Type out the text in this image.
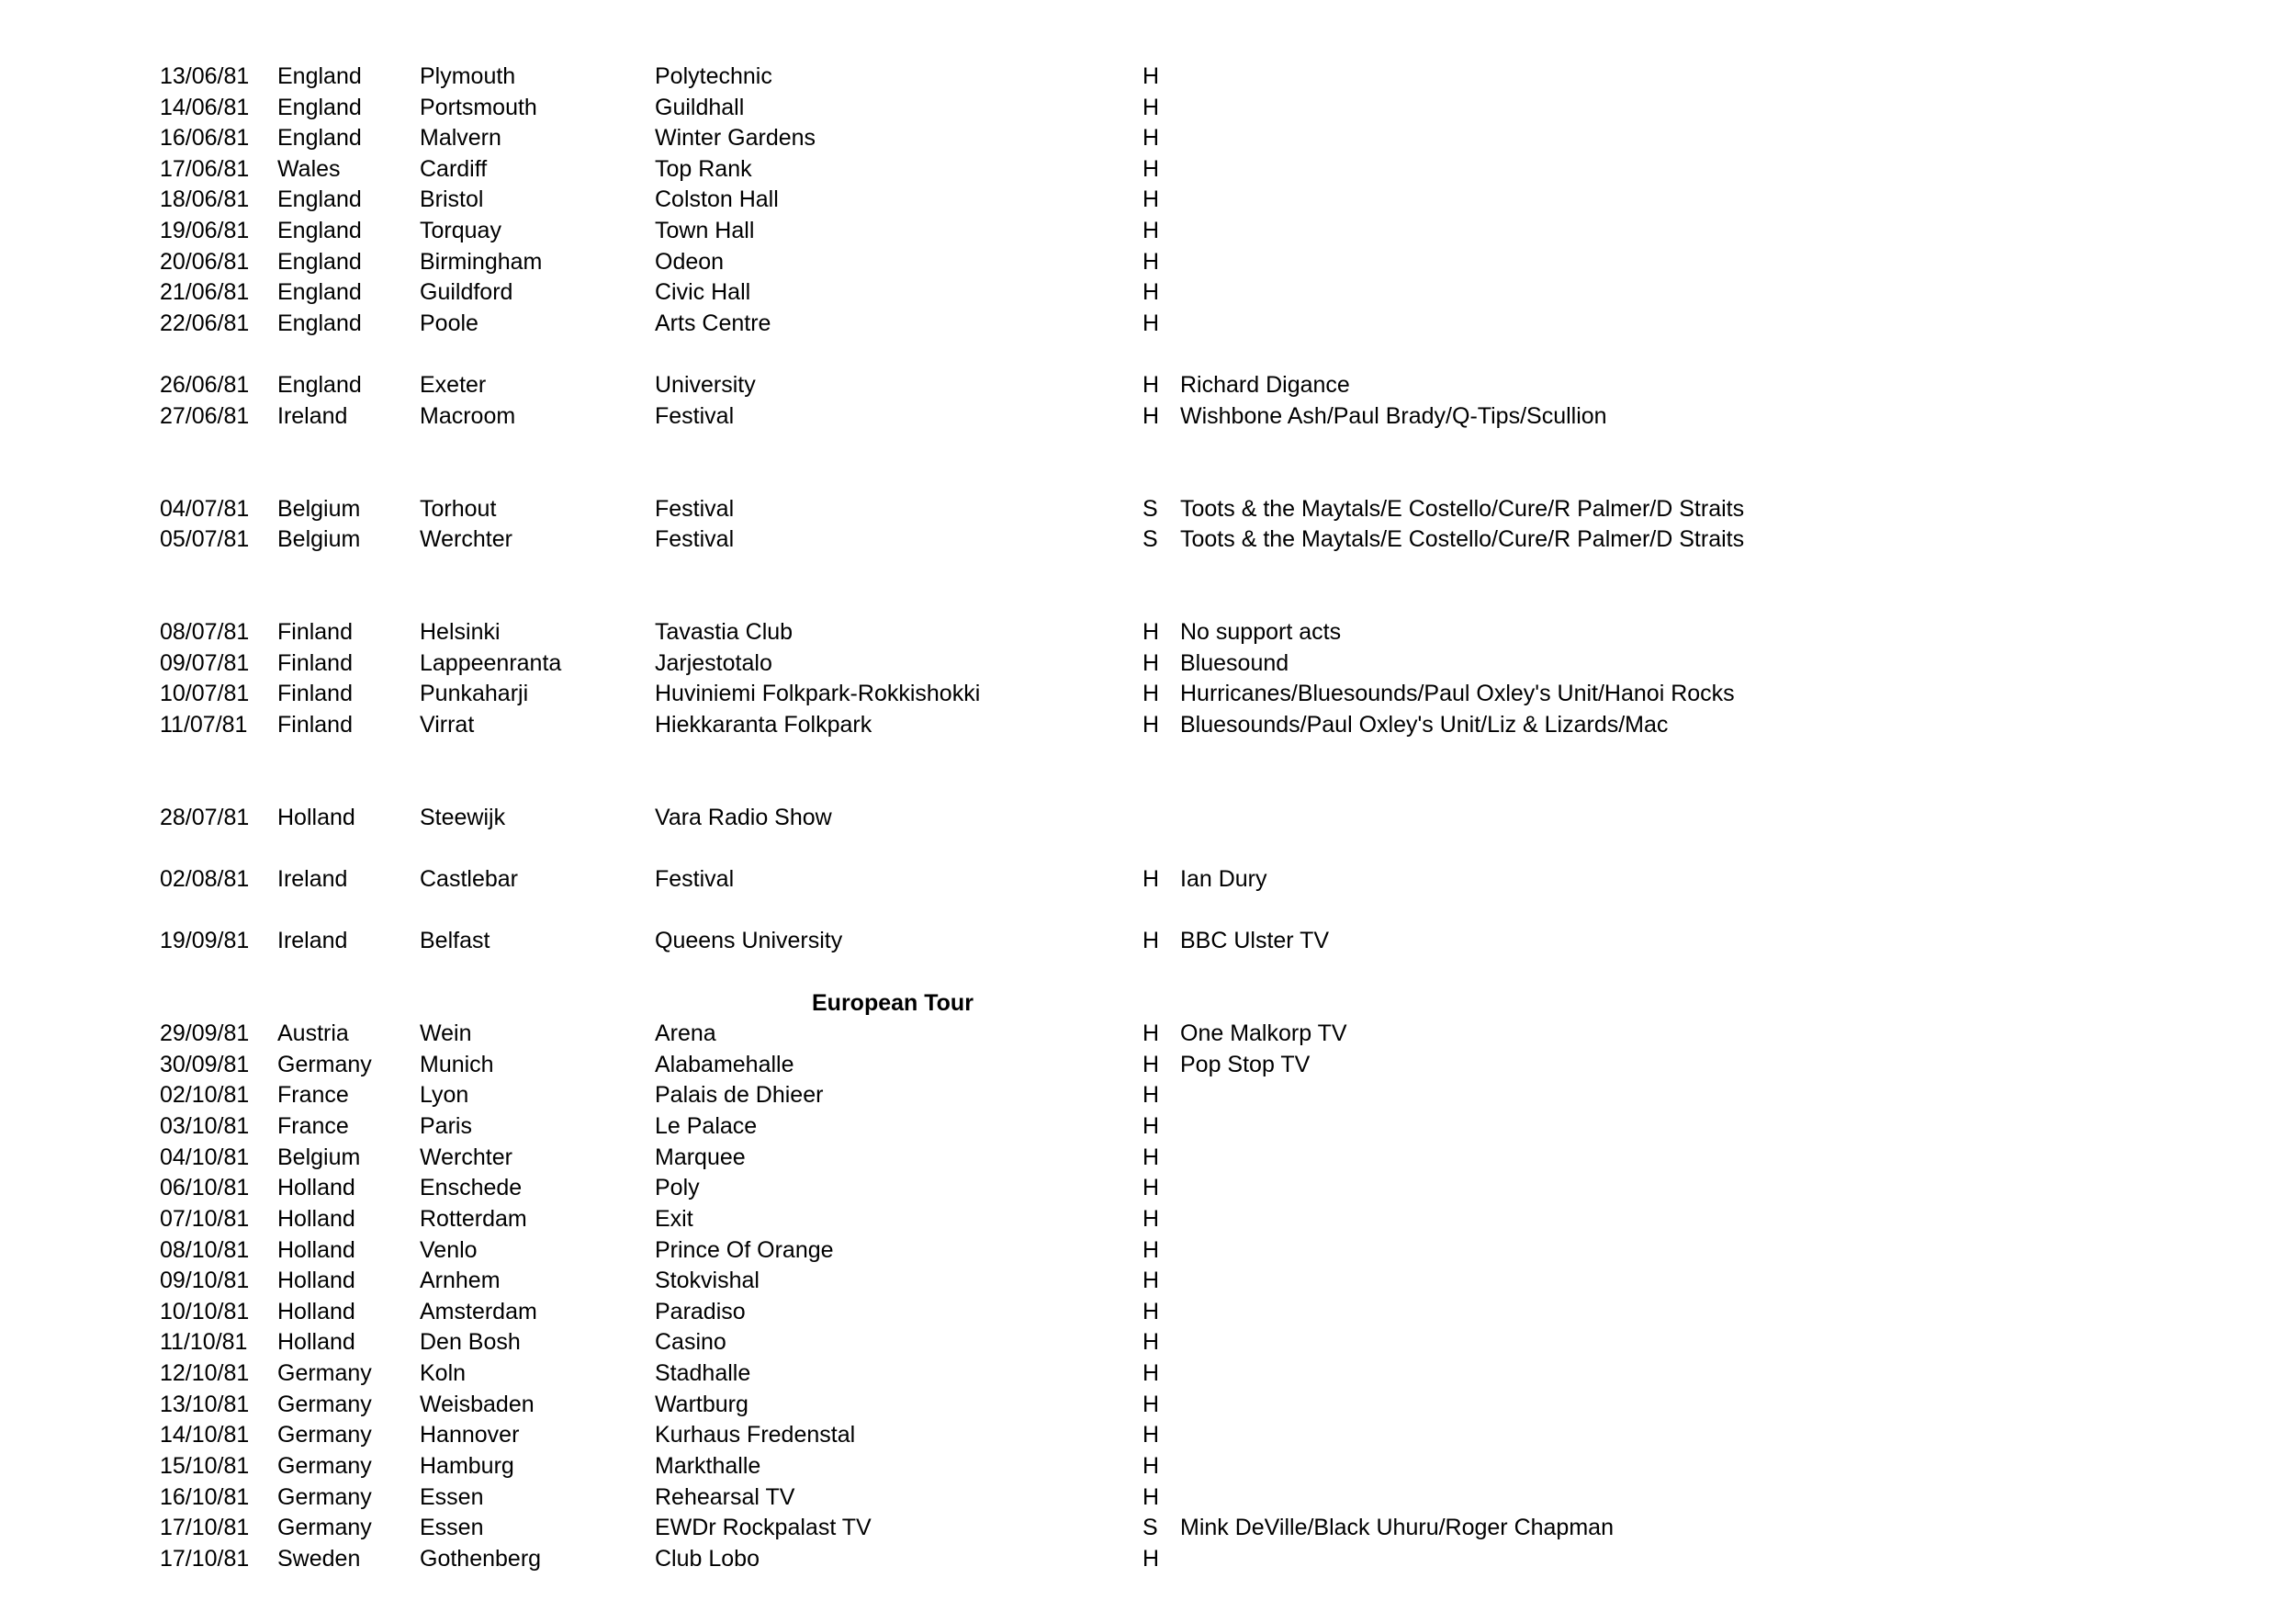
13/06/81 England	Plymouth	Polytechnic	H
14/06/81 England	Portsmouth	Guildhall	H
16/06/81 England	Malvern	Winter Gardens	H
17/06/81 Wales	Cardiff	Top Rank	H
18/06/81 England	Bristol	Colston Hall	H
19/06/81 England	Torquay	Town Hall	H
20/06/81 England	Birmingham	Odeon	H
21/06/81 England	Guildford	Civic Hall	H
22/06/81 England	Poole	Arts Centre	H
26/06/81 England	Exeter	University	H Richard Digance
27/06/81 Ireland	Macroom	Festival	H Wishbone Ash/Paul Brady/Q-Tips/Scullion
04/07/81 Belgium	Torhout	Festival	S Toots & the Maytals/E Costello/Cure/R Palmer/D Straits
05/07/81 Belgium	Werchter	Festival	S Toots & the Maytals/E Costello/Cure/R Palmer/D Straits
08/07/81 Finland	Helsinki	Tavastia Club	H No support acts
09/07/81 Finland	Lappeenranta	Jarjestotalo	H Bluesound
10/07/81 Finland	Punkaharji	Huviniemi Folkpark-Rokkishokki	H Hurricanes/Bluesounds/Paul Oxley's Unit/Hanoi Rocks
11/07/81 Finland	Virrat	Hiekkaranta Folkpark	H Bluesounds/Paul Oxley's Unit/Liz & Lizards/Mac
28/07/81 Holland	Steewijk	Vara Radio Show
02/08/81 Ireland	Castlebar	Festival	H Ian Dury
19/09/81 Ireland	Belfast	Queens University	H BBC Ulster TV
European Tour
29/09/81 Austria	Wein	Arena	H One Malkorp TV
30/09/81 Germany Munich	Alabamehalle	H Pop Stop TV
02/10/81 France	Lyon	Palais de Dhieer	H
03/10/81 France	Paris	Le Palace	H
04/10/81 Belgium	Werchter	Marquee	H
06/10/81 Holland	Enschede	Poly	H
07/10/81 Holland	Rotterdam	Exit	H
08/10/81 Holland	Venlo	Prince Of Orange	H
09/10/81 Holland	Arnhem	Stokvishal	H
10/10/81 Holland	Amsterdam	Paradiso	H
11/10/81 Holland	Den Bosh	Casino	H
12/10/81 Germany Koln	Stadhalle	H
13/10/81 Germany Weisbaden	Wartburg	H
14/10/81 Germany Hannover	Kurhaus Fredenstal	H
15/10/81 Germany Hamburg	Markthalle	H
16/10/81 Germany Essen	Rehearsal TV	H
17/10/81 Germany Essen	EWDr Rockpalast TV	S Mink DeVille/Black Uhuru/Roger Chapman
17/10/81 Sweden	Gothenberg	Club Lobo	H
